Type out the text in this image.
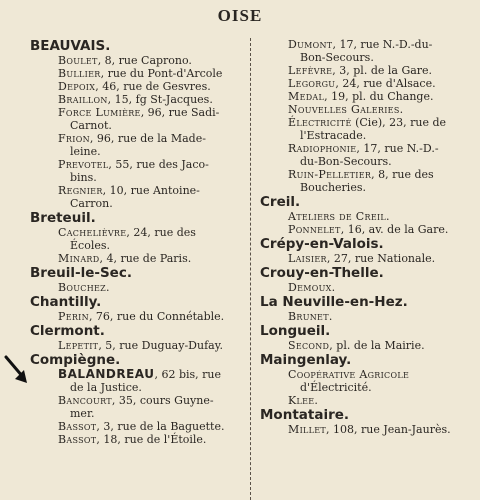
OISE
BEAUVAIS.
Boulet, 8, rue Caprono.
Bullier, rue du Pont-d'Arcole
Depoix, 46, rue de Gesvres.
Braillon, 15, fg St-Jacques.
Force Lumière, 96, rue Sadi-
Carnot.
Frion, 96, rue de la Made-
leine.
Prevotel, 55, rue des Jaco-
bins.
Regnier, 10, rue Antoine-
Carron.
Breteuil.
Cachelièvre, 24, rue des
Écoles.
Minard, 4, rue de Paris.
Breuil-le-Sec.
Bouchez.
Chantilly.
Perin, 76, rue du Connétable.
Clermont.
Lepetit, 5, rue Duguay-Dufay.
Compiègne.
BALANDREAU, 62 bis, rue
de la Justice.
Bancourt, 35, cours Guyne-
mer.
Bassot, 3, rue de la Baguette.
Bassot, 18, rue de l'Étoile.
Dumont, 17, rue N.-D.-du-
Bon-Secours.
Lefèvre, 3, pl. de la Gare.
Legorgu, 24, rue d'Alsace.
Medal, 19, pl. du Change.
Nouvelles Galeries.
Électricité (Cie), 23, rue de
l'Estracade.
Radiophonie, 17, rue N.-D.-
du-Bon-Secours.
Ruin-Pelletier, 8, rue des
Boucheries.
Creil.
Ateliers de Creil.
Ponnelet, 16, av. de la Gare.
Crépy-en-Valois.
Laisier, 27, rue Nationale.
Crouy-en-Thelle.
Demoux.
La Neuville-en-Hez.
Brunet.
Longueil.
Second, pl. de la Mairie.
Maingenlay.
Coopérative Agricole
d'Électricité.
Klee.
Montataire.
Millet, 108, rue Jean-Jaurès.
